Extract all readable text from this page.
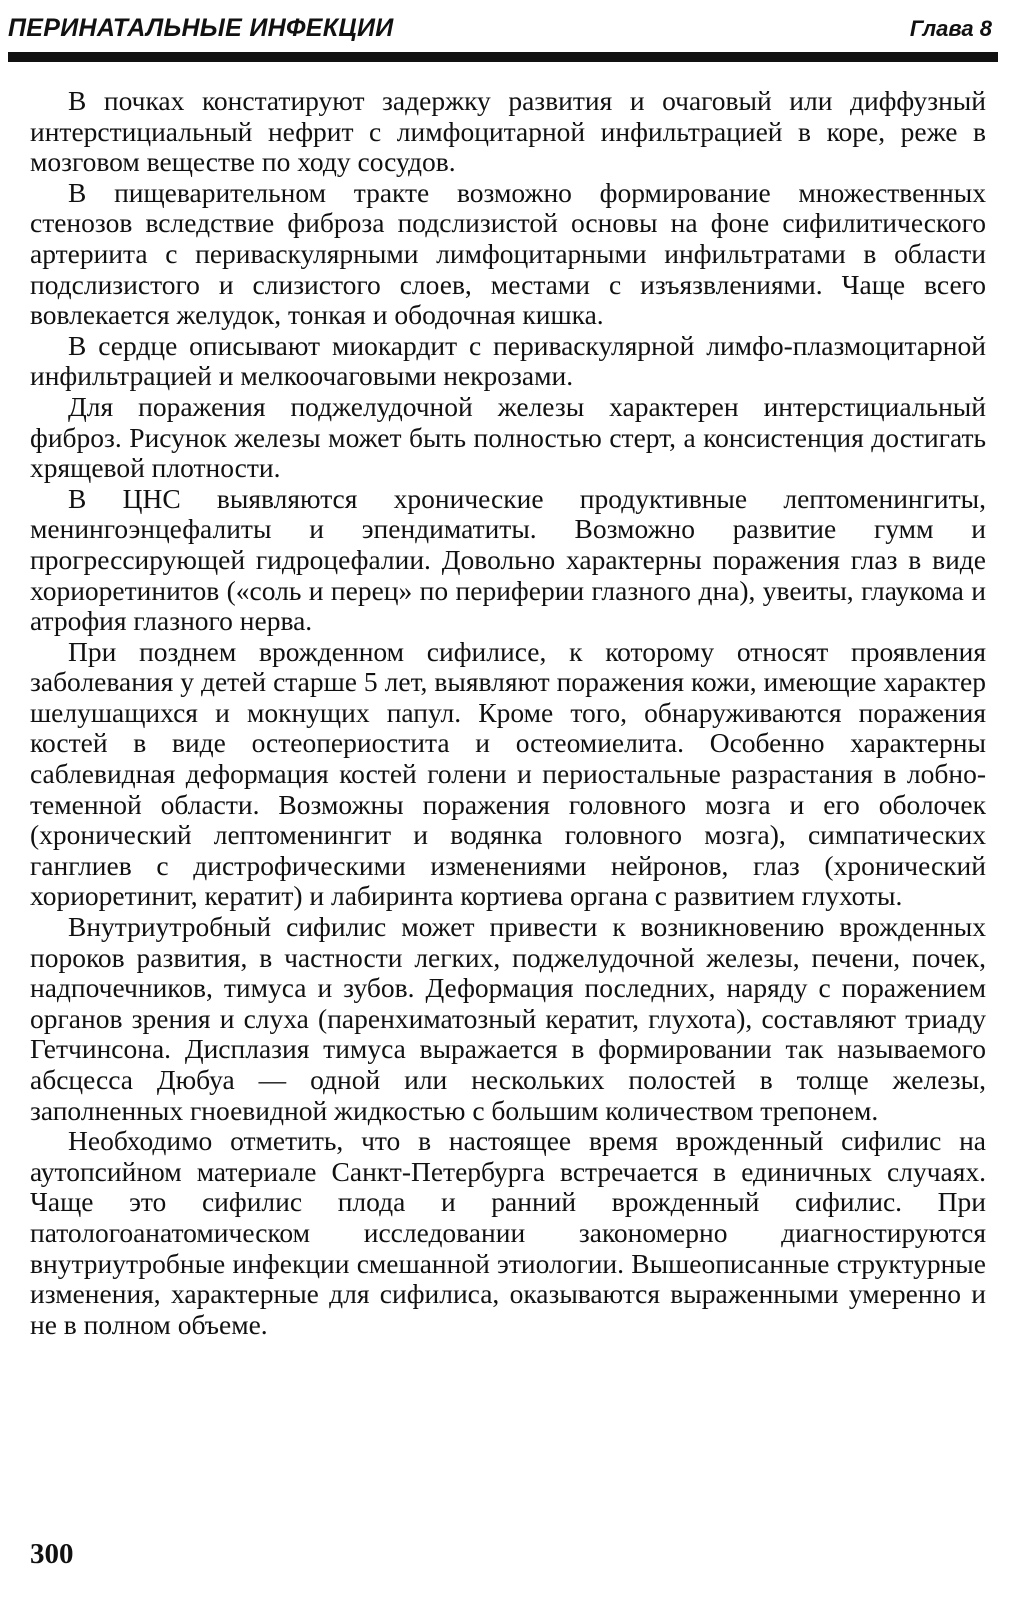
ПЕРИНАТАЛЬНЫЕ ИНФЕКЦИИ	Глава 8

В почках констатируют задержку развития и очаговый или диффузный интерстициальный нефрит с лимфоцитарной инфильтрацией в коре, реже в мозговом веществе по ходу сосудов.

В пищеварительном тракте возможно формирование множественных стенозов вследствие фиброза подслизистой основы на фоне сифилитического артериита с периваскулярными лимфоцитарными инфильтратами в области подслизистого и слизистого слоев, местами с изъязвлениями. Чаще всего вовлекается желудок, тонкая и ободочная кишка.

В сердце описывают миокардит с периваскулярной лимфо-плазмоцитарной инфильтрацией и мелкоочаговыми некрозами.

Для поражения поджелудочной железы характерен интерстициальный фиброз. Рисунок железы может быть полностью стерт, а консистенция достигать хрящевой плотности.

В ЦНС выявляются хронические продуктивные лептоменингиты, менингоэнцефалиты и эпендиматиты. Возможно развитие гумм и прогрессирующей гидроцефалии. Довольно характерны поражения глаз в виде хориоретинитов («соль и перец» по периферии глазного дна), увеиты, глаукома и атрофия глазного нерва.

При позднем врожденном сифилисе, к которому относят проявления заболевания у детей старше 5 лет, выявляют поражения кожи, имеющие характер шелушащихся и мокнущих папул. Кроме того, обнаруживаются поражения костей в виде остеопериостита и остеомиелита. Особенно характерны саблевидная деформация костей голени и периостальные разрастания в лобно-теменной области. Возможны поражения головного мозга и его оболочек (хронический лептоменингит и водянка головного мозга), симпатических ганглиев с дистрофическими изменениями нейронов, глаз (хронический хориоретинит, кератит) и лабиринта кортиева органа с развитием глухоты.

Внутриутробный сифилис может привести к возникновению врожденных пороков развития, в частности легких, поджелудочной железы, печени, почек, надпочечников, тимуса и зубов. Деформация последних, наряду с поражением органов зрения и слуха (паренхиматозный кератит, глухота), составляют триаду Гетчинсона. Дисплазия тимуса выражается в формировании так называемого абсцесса Дюбуа — одной или нескольких полостей в толще железы, заполненных гноевидной жидкостью с большим количеством трепонем.

Необходимо отметить, что в настоящее время врожденный сифилис на аутопсийном материале Санкт-Петербурга встречается в единичных случаях. Чаще это сифилис плода и ранний врожденный сифилис. При патологоанатомическом исследовании закономерно диагностируются внутриутробные инфекции смешанной этиологии. Вышеописанные структурные изменения, характерные для сифилиса, оказываются выраженными умеренно и не в полном объеме.

300
